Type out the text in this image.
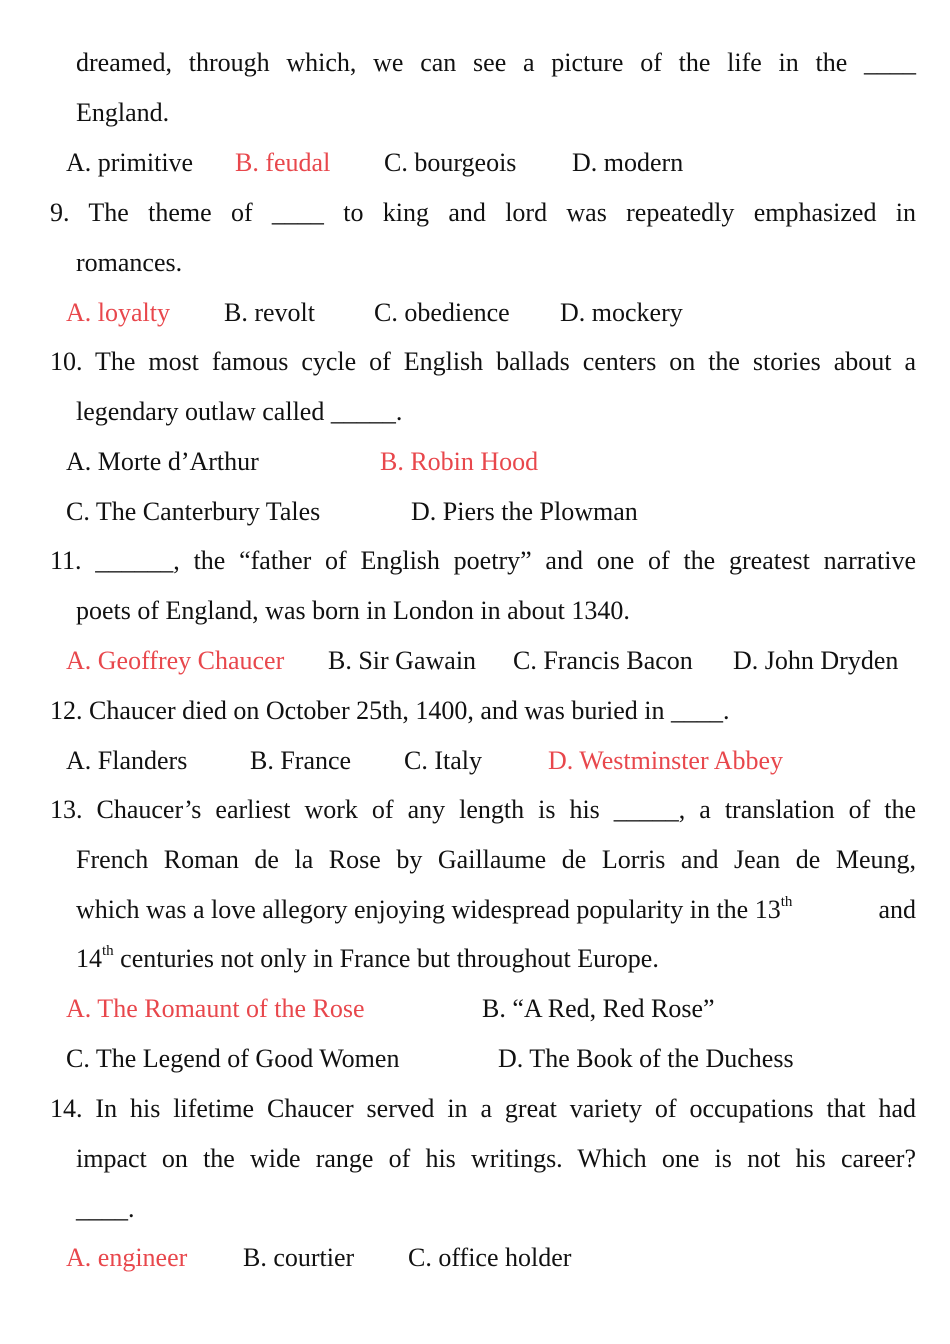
dreamed, through which, we can see a picture of the life in the ____
England.
A. primitive B. feudal C. bourgeois D. modern
9. The theme of ____ to king and lord was repeatedly emphasized in
romances.
A. loyalty B. revolt C. obedience D. mockery
10. The most famous cycle of English ballads centers on the stories about a
legendary outlaw called _____.
A. Morte d’Arthur	B. Robin Hood
C. The Canterbury Tales	D. Piers the Plowman
11. ______, the “father of English poetry” and one of the greatest narrative
poets of England, was born in London in about 1340.
A. Geoffrey Chaucer B. Sir Gawain C. Francis Bacon D. John Dryden
12. Chaucer died on October 25th, 1400, and was buried in ____.
A. Flanders B. France C. Italy	D. Westminster Abbey
13. Chaucer’s earliest work of any length is his _____, a translation of the
French Roman de la Rose by Gaillaume de Lorris and Jean de Meung,
which was a love allegory enjoying widespread popularity in the 13th	and
14th centuries not only in France but throughout Europe.
A. The Romaunt of the Rose	B. “A Red, Red Rose”
C. The Legend of Good Women	D. The Book of the Duchess
14. In his lifetime Chaucer served in a great variety of occupations that had
impact on the wide range of his writings. Which one is not his career?
____.
A. engineer B. courtier C. office holder
